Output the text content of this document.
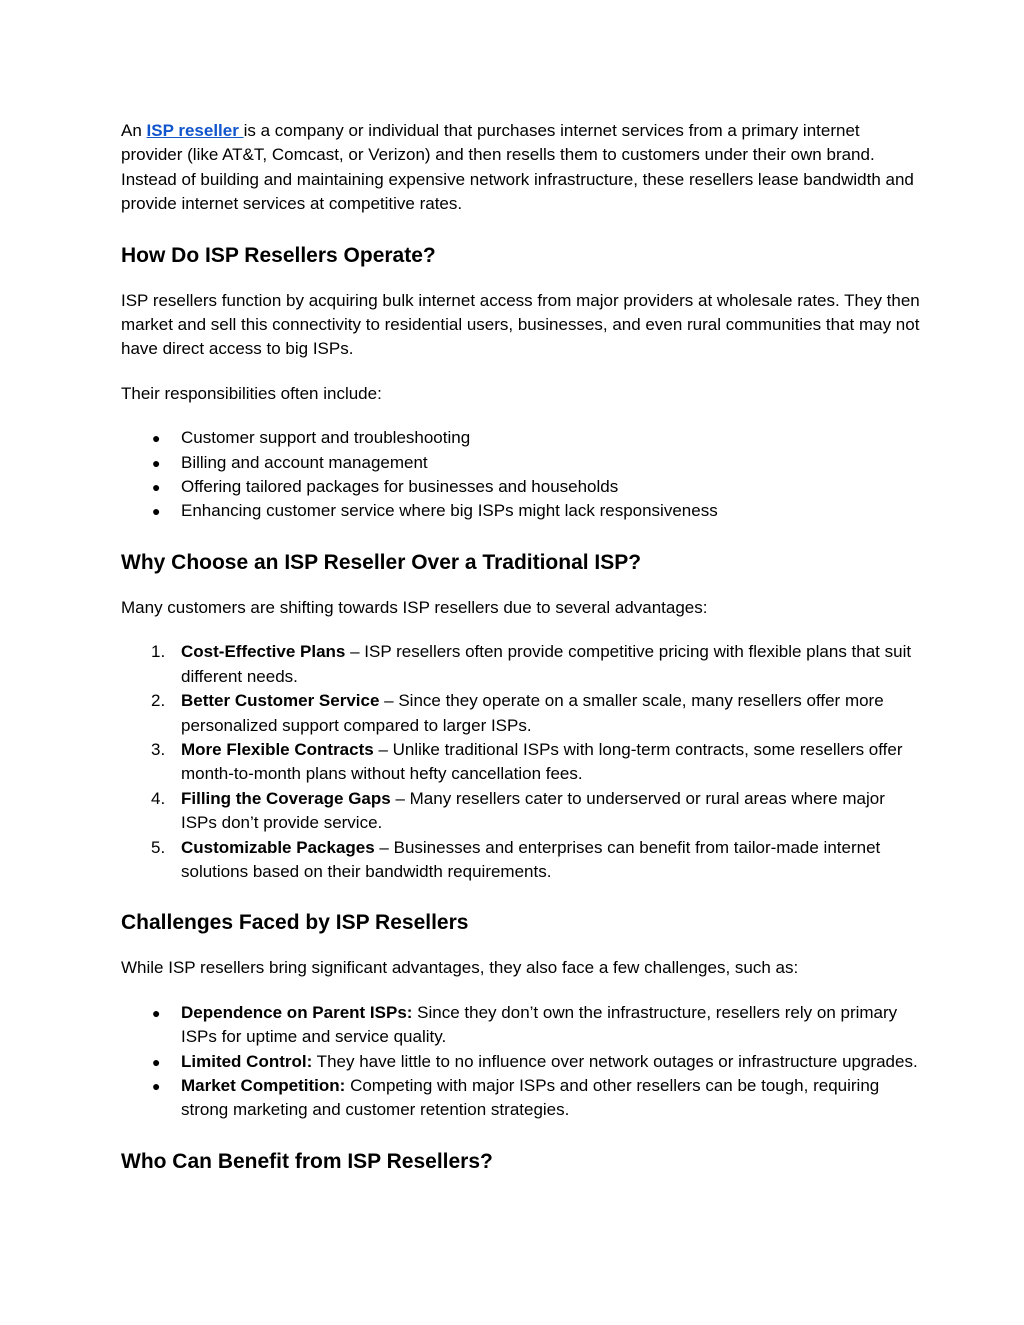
An ISP reseller is a company or individual that purchases internet services from a primary internet provider (like AT&T, Comcast, or Verizon) and then resells them to customers under their own brand. Instead of building and maintaining expensive network infrastructure, these resellers lease bandwidth and provide internet services at competitive rates.

How Do ISP Resellers Operate?

ISP resellers function by acquiring bulk internet access from major providers at wholesale rates. They then market and sell this connectivity to residential users, businesses, and even rural communities that may not have direct access to big ISPs.

Their responsibilities often include:

● Customer support and troubleshooting
● Billing and account management
● Offering tailored packages for businesses and households
● Enhancing customer service where big ISPs might lack responsiveness
Why Choose an ISP Reseller Over a Traditional ISP?

Many customers are shifting towards ISP resellers due to several advantages:

1. Cost-Effective Plans – ISP resellers often provide competitive pricing with flexible plans that suit different needs.
2. Better Customer Service – Since they operate on a smaller scale, many resellers offer more personalized support compared to larger ISPs.
3. More Flexible Contracts – Unlike traditional ISPs with long-term contracts, some resellers offer month-to-month plans without hefty cancellation fees.
4. Filling the Coverage Gaps – Many resellers cater to underserved or rural areas where major ISPs don’t provide service.
5. Customizable Packages – Businesses and enterprises can benefit from tailor-made internet solutions based on their bandwidth requirements.
Challenges Faced by ISP Resellers

While ISP resellers bring significant advantages, they also face a few challenges, such as:

● Dependence on Parent ISPs: Since they don’t own the infrastructure, resellers rely on primary ISPs for uptime and service quality.
● Limited Control: They have little to no influence over network outages or infrastructure upgrades.
● Market Competition: Competing with major ISPs and other resellers can be tough, requiring strong marketing and customer retention strategies.
Who Can Benefit from ISP Resellers?
